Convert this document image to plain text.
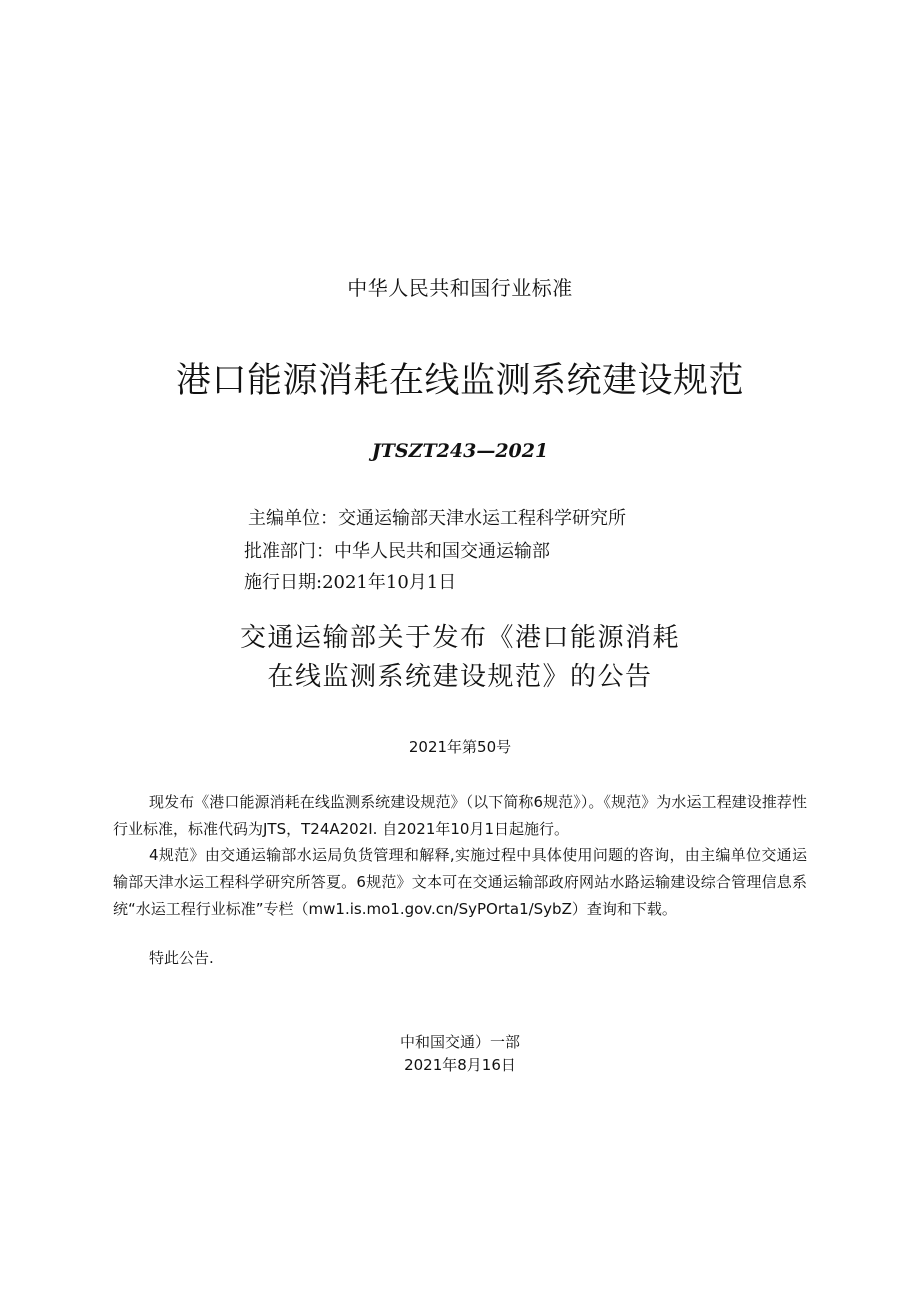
中华人民共和国行业标准
港口能源消耗在线监测系统建设规范
JTSZT243—2021
主编单位：交通运输部天津水运工程科学研究所
批准部门：中华人民共和国交通运输部
施行日期:2021年10月1日
交通运输部关于发布《港口能源消耗
在线监测系统建设规范》的公告
2021年第50号
现发布《港口能源消耗在线监测系统建设规范》（以下简称6规范》）。《规范》为水运工程建设推荐性行业标准，标准代码为JTS，T24A202I. 自2021年10月1日起施行。
4规范》由交通运输部水运局负货管理和解释,实施过程中具体使用问题的咨询，由主编单位交通运输部天津水运工程科学研究所答夏。6规范》文本可在交通运输部政府网站水路运输建设综合管理信息系统“水运工程行业标准”专栏（mw1.is.mo1.gov.cn/SyPOrta1/SybZ）查询和下载。
特此公告.
中和国交通）一部
2021年8月16日
